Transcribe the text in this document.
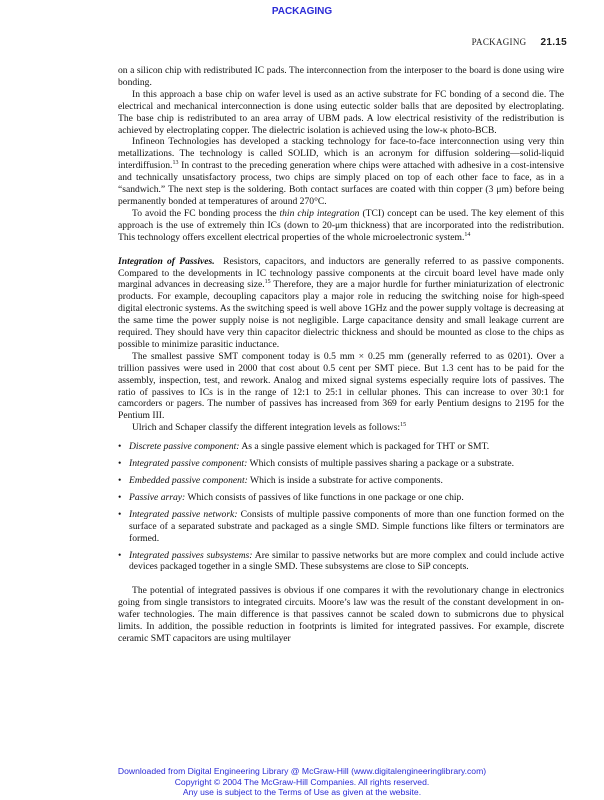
PACKAGING
PACKAGING 21.15

on a silicon chip with redistributed IC pads. The interconnection from the interposer to the board is done using wire bonding.

In this approach a base chip on wafer level is used as an active substrate for FC bonding of a second die. The electrical and mechanical interconnection is done using eutectic solder balls that are deposited by electroplating. The base chip is redistributed to an area array of UBM pads. A low electrical resistivity of the redistribution is achieved by electroplating copper. The dielectric isolation is achieved using the low-κ photo-BCB.

Infineon Technologies has developed a stacking technology for face-to-face interconnection using very thin metallizations. The technology is called SOLID, which is an acronym for diffusion soldering—solid-liquid interdiffusion.$^{13}$ In contrast to the preceding generation where chips were attached with adhesive in a cost-intensive and technically unsatisfactory process, two chips are simply placed on top of each other face to face, as in a “sandwich.” The next step is the soldering. Both contact surfaces are coated with thin copper (3 μm) before being permanently bonded at temperatures of around 270°C.

To avoid the FC bonding process the thin chip integration (TCI) concept can be used. The key element of this approach is the use of extremely thin ICs (down to 20-μm thickness) that are incorporated into the redistribution. This technology offers excellent electrical properties of the whole microelectronic system.$^{14}$

Integration of Passives. Resistors, capacitors, and inductors are generally referred to as passive components. Compared to the developments in IC technology passive components at the circuit board level have made only marginal advances in decreasing size.$^{15}$ Therefore, they are a major hurdle for further miniaturization of electronic products. For example, decoupling capacitors play a major role in reducing the switching noise for high-speed digital electronic systems. As the switching speed is well above 1GHz and the power supply voltage is decreasing at the same time the power supply noise is not negligible. Large capacitance density and small leakage current are required. They should have very thin capacitor dielectric thickness and should be mounted as close to the chips as possible to minimize parasitic inductance.

The smallest passive SMT component today is 0.5 mm × 0.25 mm (generally referred to as 0201). Over a trillion passives were used in 2000 that cost about 0.5 cent per SMT piece. But 1.3 cent has to be paid for the assembly, inspection, test, and rework. Analog and mixed signal systems especially require lots of passives. The ratio of passives to ICs is in the range of 12:1 to 25:1 in cellular phones. This can increase to over 30:1 for camcorders or pagers. The number of passives has increased from 369 for early Pentium designs to 2195 for the Pentium III.

Ulrich and Schaper classify the different integration levels as follows:$^{15}$

• Discrete passive component: As a single passive element which is packaged for THT or SMT.
• Integrated passive component: Which consists of multiple passives sharing a package or a substrate.
• Embedded passive component: Which is inside a substrate for active components.
• Passive array: Which consists of passives of like functions in one package or one chip.
• Integrated passive network: Consists of multiple passive components of more than one function formed on the surface of a separated substrate and packaged as a single SMD. Simple functions like filters or terminators are formed.
• Integrated passives subsystems: Are similar to passive networks but are more complex and could include active devices packaged together in a single SMD. These subsystems are close to SiP concepts.

The potential of integrated passives is obvious if one compares it with the revolutionary change in electronics going from single transistors to integrated circuits. Moore’s law was the result of the constant development in on-wafer technologies. The main difference is that passives cannot be scaled down to submicrons due to physical limits. In addition, the possible reduction in footprints is limited for integrated passives. For example, discrete ceramic SMT capacitors are using multilayer

Downloaded from Digital Engineering Library @ McGraw-Hill (www.digitalengineeringlibrary.com)
Copyright © 2004 The McGraw-Hill Companies. All rights reserved.
Any use is subject to the Terms of Use as given at the website.
